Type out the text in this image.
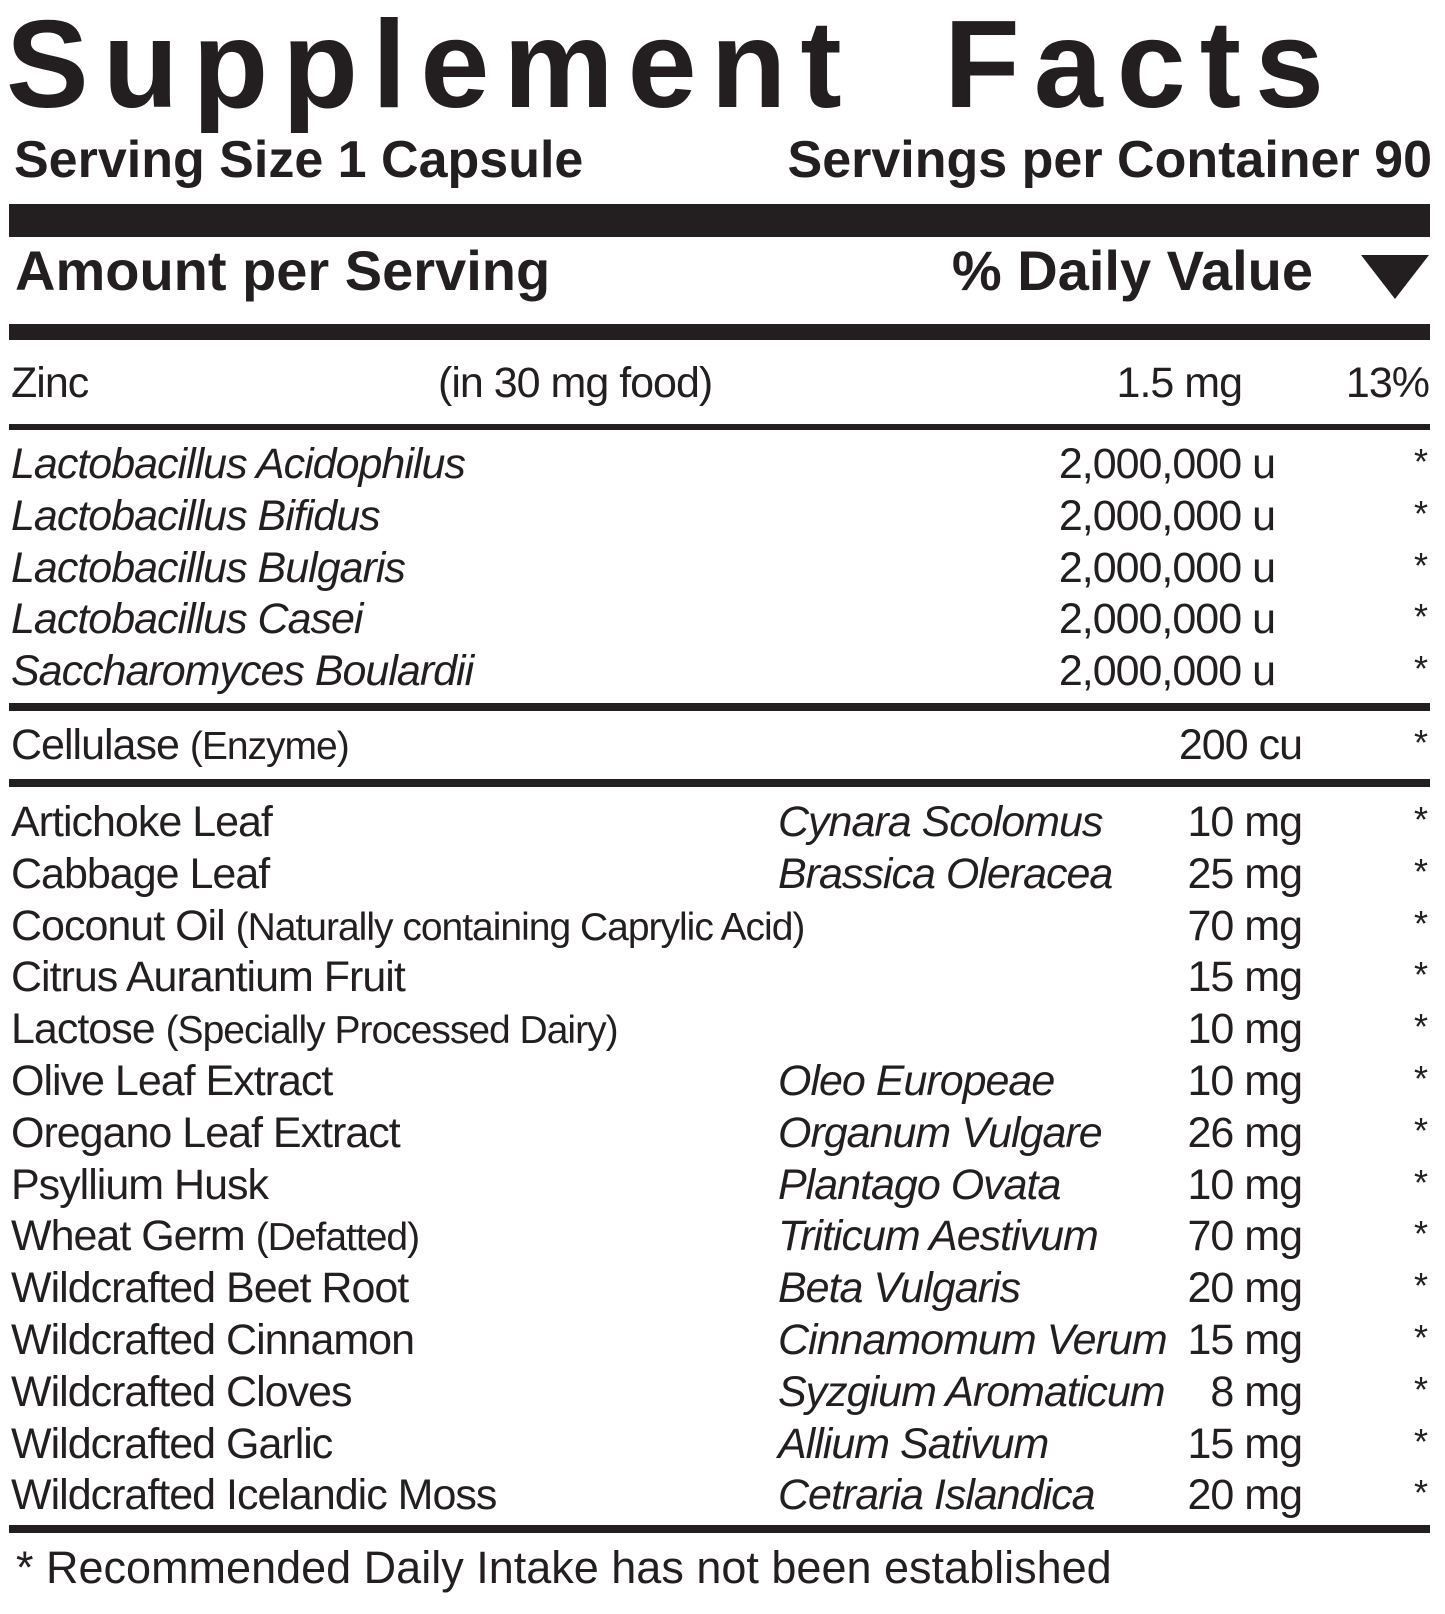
Supplement Facts
Serving Size 1 Capsule	Servings per Container 90
Amount per Serving	% Daily Value
Zinc	(in 30 mg food)	1.5 mg 13%
Lactobacillus Acidophilus	2,000,000 u	*
Lactobacillus Bifidus	2,000,000 u	*
Lactobacillus Bulgaris	2,000,000 u	*
Lactobacillus Casei	2,000,000 u	*
Saccharomyces Boulardii	2,000,000 u	*
Cellulase (Enzyme)	200 cu	*
Artichoke Leaf	Cynara Scolomus 10 mg	*
Cabbage Leaf	Brassica Oleracea 25 mg	*
Coconut Oil (Naturally containing Caprylic Acid)	70 mg	*
Citrus Aurantium Fruit	15 mg	*
Lactose (Specially Processed Dairy)	10 mg	*
Olive Leaf Extract	Oleo Europeae	10 mg	*
Oregano Leaf Extract	Organum Vulgare 26 mg	*
Psyllium Husk	Plantago Ovata	10 mg	*
Wheat Germ (Defatted)	Triticum Aestivum 70 mg	*
Wildcrafted Beet Root	Beta Vulgaris	20 mg	*
Wildcrafted Cinnamon	Cinnamomum Verum 15 mg	*
Wildcrafted Cloves	Syzgium Aromaticum 8 mg	*
Wildcrafted Garlic	Allium Sativum	15 mg	*
Wildcrafted Icelandic Moss	Cetraria Islandica 20 mg	*
* Recommended Daily Intake has not been established
